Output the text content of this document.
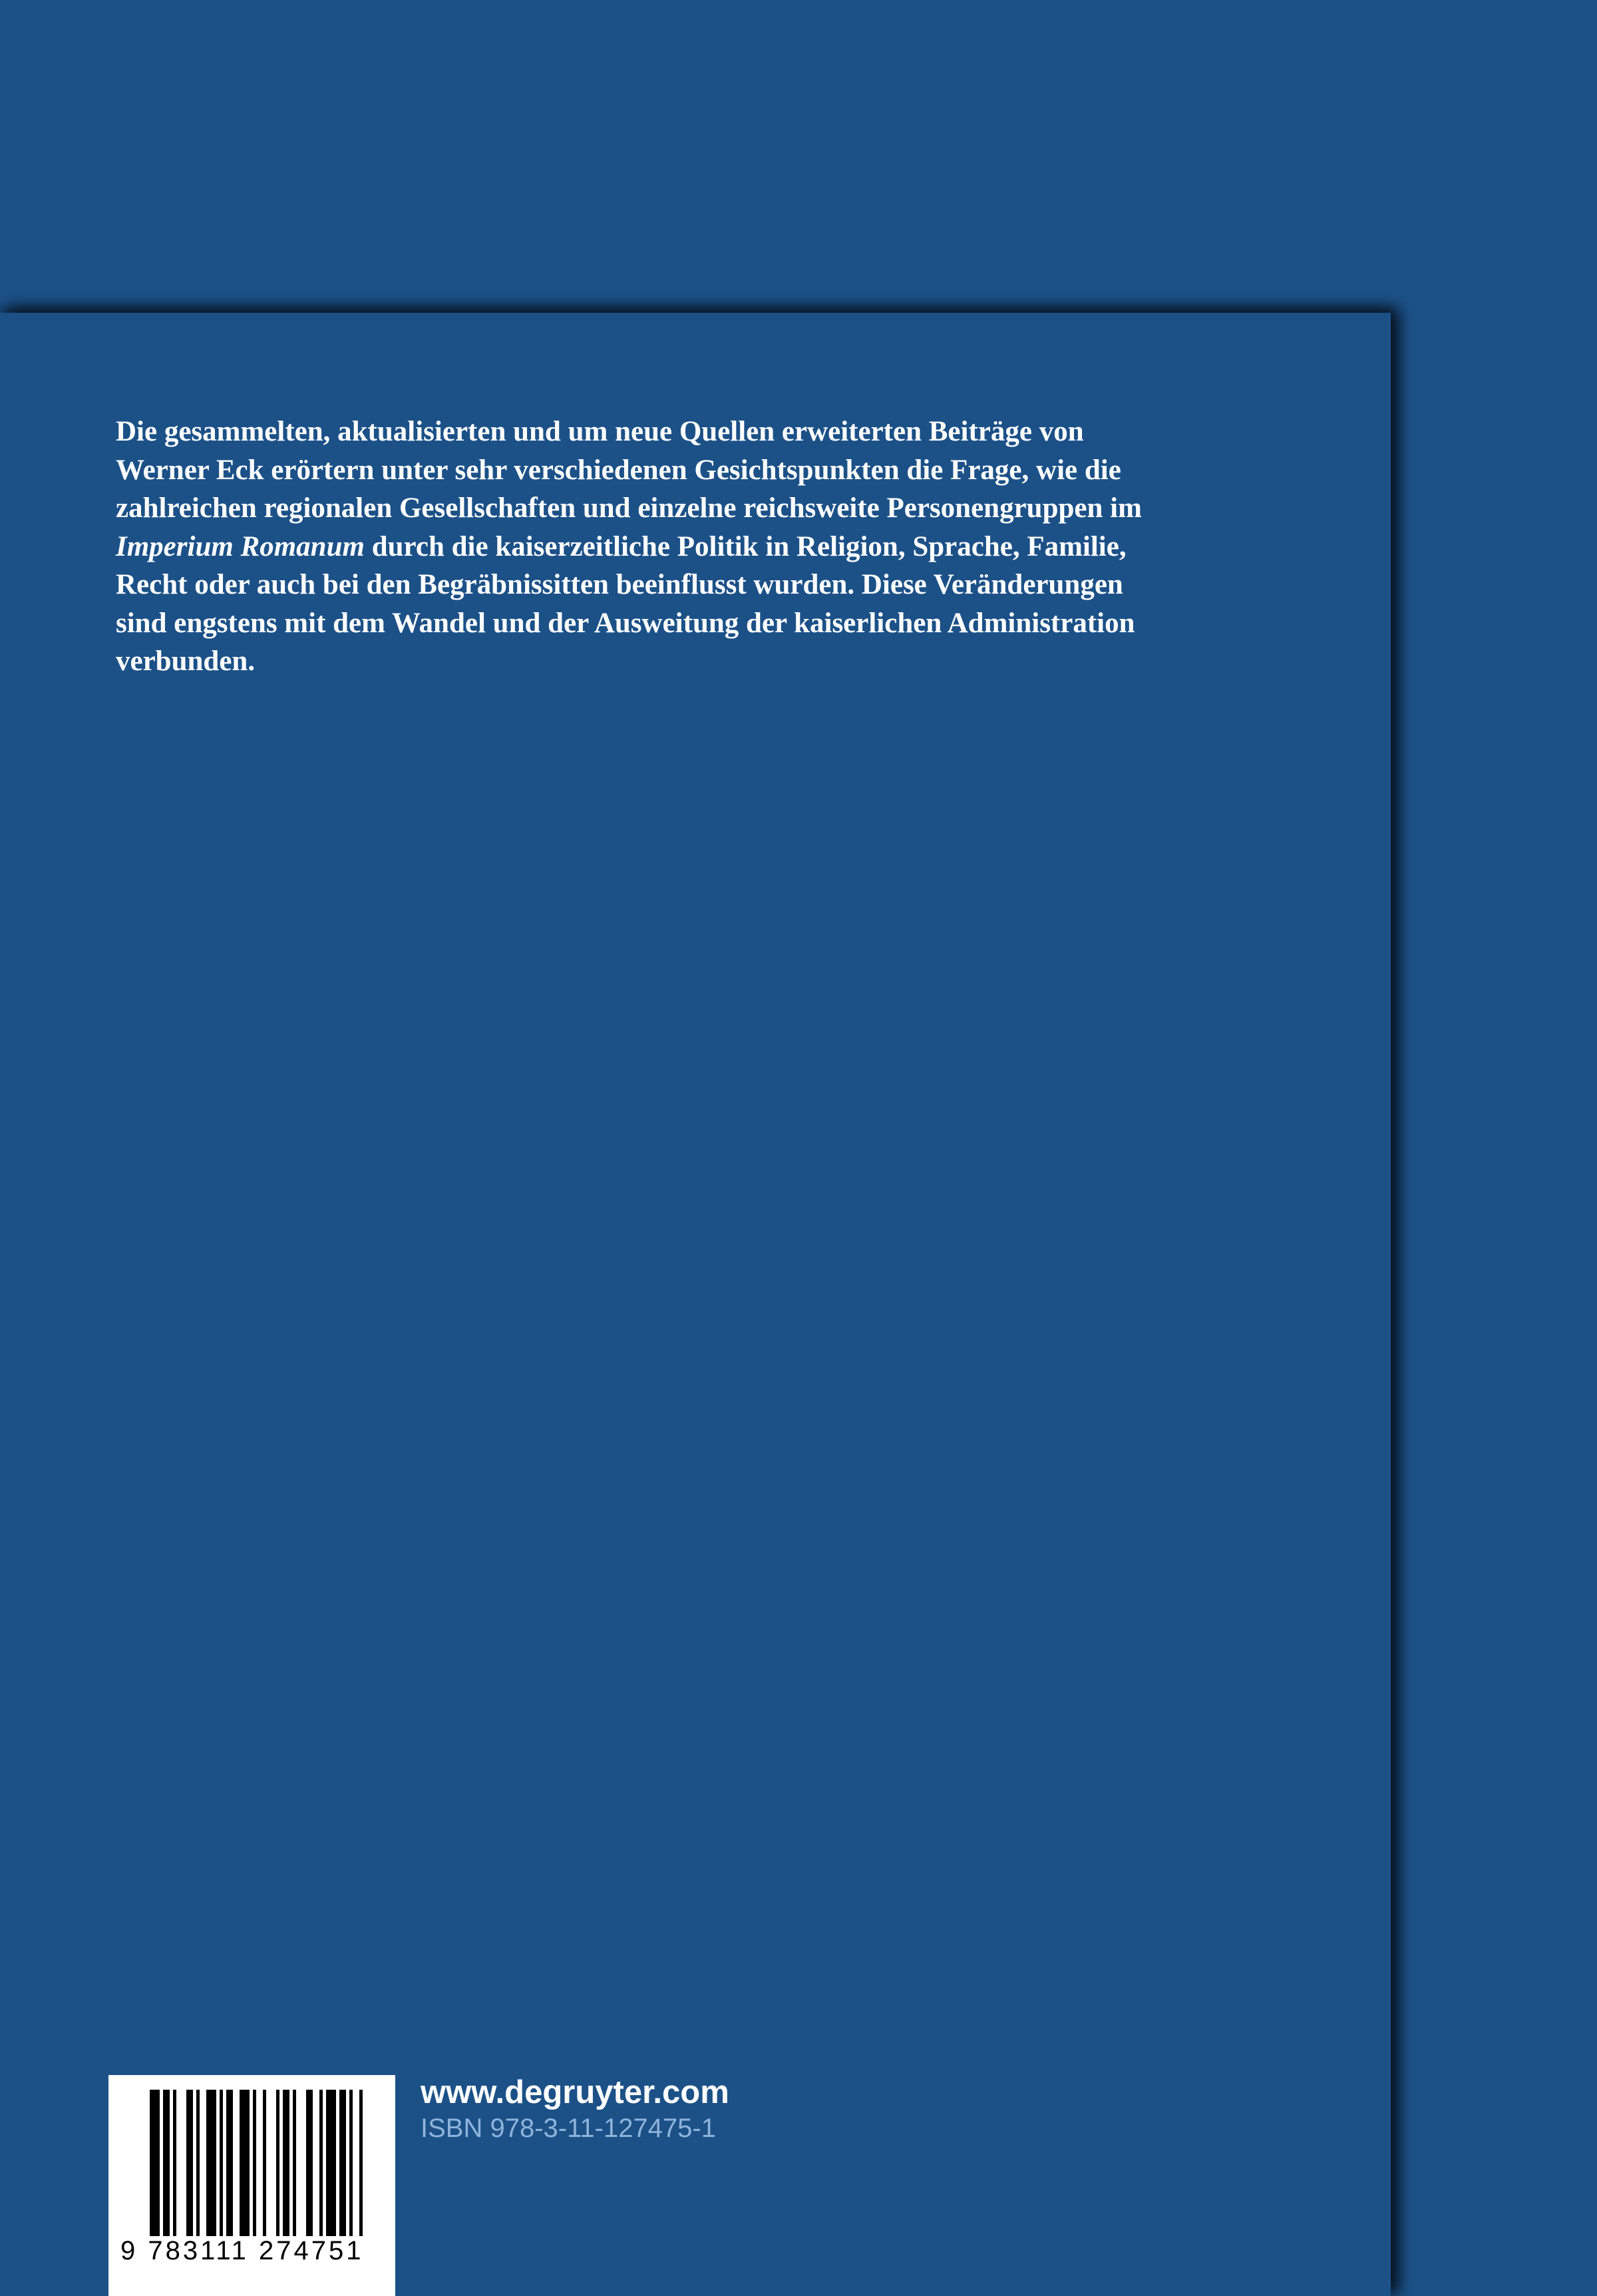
Die gesammelten, aktualisierten und um neue Quellen erweiterten Beiträge von
Werner Eck erörtern unter sehr verschiedenen Gesichtspunkten die Frage, wie die
zahlreichen regionalen Gesellschaften und einzelne reichsweite Personengruppen im
Imperium Romanum durch die kaiserzeitliche Politik in Religion, Sprache, Familie,
Recht oder auch bei den Begräbnissitten beeinflusst wurden. Diese Veränderungen
sind engstens mit dem Wandel und der Ausweitung der kaiserlichen Administration
verbunden.

9 783111 274751
www.degruyter.com
ISBN 978-3-11-127475-1
